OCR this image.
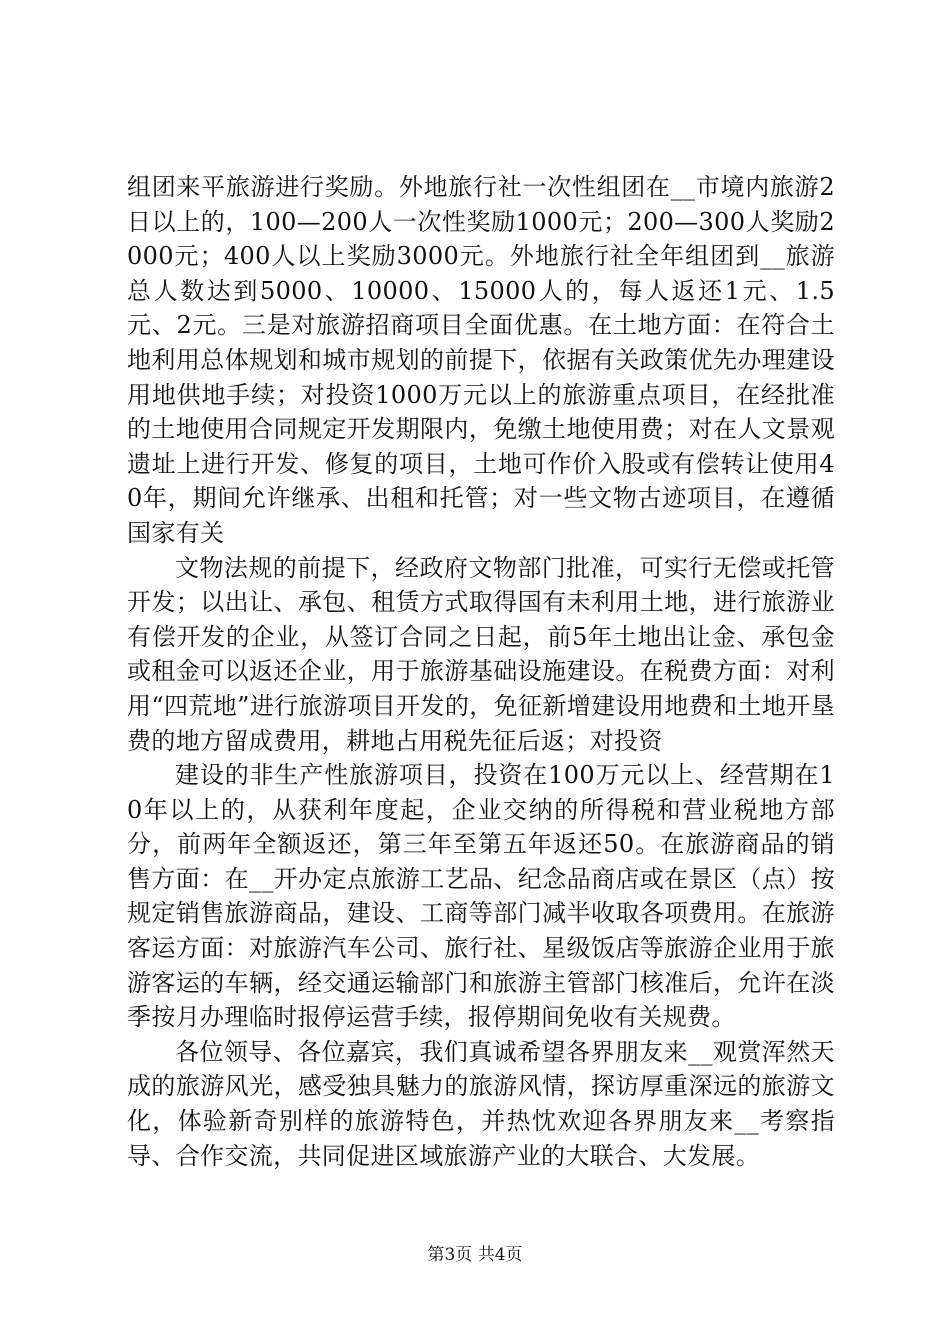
组团来平旅游进行奖励。外地旅行社一次性组团在__市境内旅游2日以上的，100—200人一次性奖励1000元；200—300人奖励2000元；400人以上奖励3000元。外地旅行社全年组团到__旅游总人数达到5000、10000、15000人的，每人返还1元、1.5元、2元。三是对旅游招商项目全面优惠。在土地方面：在符合土地利用总体规划和城市规划的前提下，依据有关政策优先办理建设用地供地手续；对投资1000万元以上的旅游重点项目，在经批准的土地使用合同规定开发期限内，免缴土地使用费；对在人文景观遗址上进行开发、修复的项目，土地可作价入股或有偿转让使用40年，期间允许继承、出租和托管；对一些文物古迹项目，在遵循国家有关

文物法规的前提下，经政府文物部门批准，可实行无偿或托管开发；以出让、承包、租赁方式取得国有未利用土地，进行旅游业有偿开发的企业，从签订合同之日起，前5年土地出让金、承包金或租金可以返还企业，用于旅游基础设施建设。在税费方面：对利用“四荒地”进行旅游项目开发的，免征新增建设用地费和土地开垦费的地方留成费用，耕地占用税先征后返；对投资

建设的非生产性旅游项目，投资在100万元以上、经营期在10年以上的，从获利年度起，企业交纳的所得税和营业税地方部分，前两年全额返还，第三年至第五年返还50。在旅游商品的销售方面：在__开办定点旅游工艺品、纪念品商店或在景区（点）按规定销售旅游商品，建设、工商等部门减半收取各项费用。在旅游客运方面：对旅游汽车公司、旅行社、星级饭店等旅游企业用于旅游客运的车辆，经交通运输部门和旅游主管部门核准后，允许在淡季按月办理临时报停运营手续，报停期间免收有关规费。

各位领导、各位嘉宾，我们真诚希望各界朋友来__观赏浑然天成的旅游风光，感受独具魅力的旅游风情，探访厚重深远的旅游文化，体验新奇别样的旅游特色，并热忱欢迎各界朋友来__考察指导、合作交流，共同促进区域旅游产业的大联合、大发展。

第3页 共4页
